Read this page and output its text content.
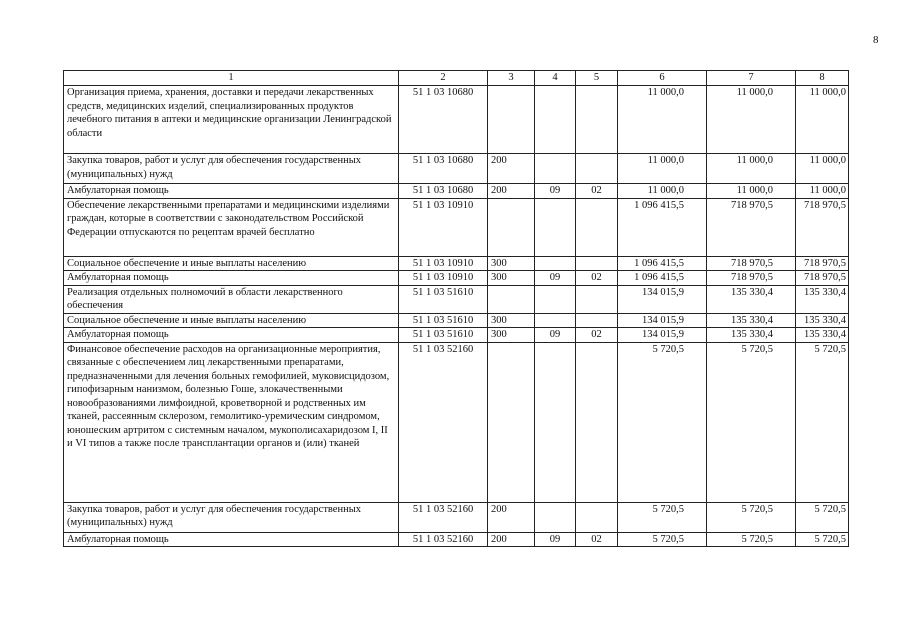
8
1	2	3	4	5	6	7	8
Организация приема, хранения, доставки и передачи лекарственных средств, медицинских изделий, специализированных продуктов лечебного питания в аптеки и медицинские организации Ленинградской области	51 1 03 10680				11 000,0	11 000,0	11 000,0
Закупка товаров, работ и услуг для обеспечения государственных (муниципальных) нужд	51 1 03 10680	200			11 000,0	11 000,0	11 000,0
Амбулаторная помощь	51 1 03 10680	200	09	02	11 000,0	11 000,0	11 000,0
Обеспечение лекарственными препаратами и медицинскими изделиями граждан, которые в соответствии с законодательством Российской Федерации отпускаются по рецептам врачей бесплатно	51 1 03 10910				1 096 415,5	718 970,5	718 970,5
Социальное обеспечение и иные выплаты населению	51 1 03 10910	300			1 096 415,5	718 970,5	718 970,5
Амбулаторная помощь	51 1 03 10910	300	09	02	1 096 415,5	718 970,5	718 970,5
Реализация отдельных полномочий в области лекарственного обеспечения	51 1 03 51610				134 015,9	135 330,4	135 330,4
Социальное обеспечение и иные выплаты населению	51 1 03 51610	300			134 015,9	135 330,4	135 330,4
Амбулаторная помощь	51 1 03 51610	300	09	02	134 015,9	135 330,4	135 330,4
Финансовое обеспечение расходов на организационные мероприятия, связанные с обеспечением лиц лекарственными препаратами, предназначенными для лечения больных гемофилией, муковисцидозом, гипофизарным нанизмом, болезнью Гоше, злокачественными новообразованиями лимфоидной, кроветворной и родственных им тканей, рассеянным склерозом, гемолитико-уремическим синдромом, юношеским артритом с системным началом, мукополисахаридозом I, II и VI типов а также после трансплантации органов и (или) тканей	51 1 03 52160				5 720,5	5 720,5	5 720,5
Закупка товаров, работ и услуг для обеспечения государственных (муниципальных) нужд	51 1 03 52160	200			5 720,5	5 720,5	5 720,5
Амбулаторная помощь	51 1 03 52160	200	09	02	5 720,5	5 720,5	5 720,5
